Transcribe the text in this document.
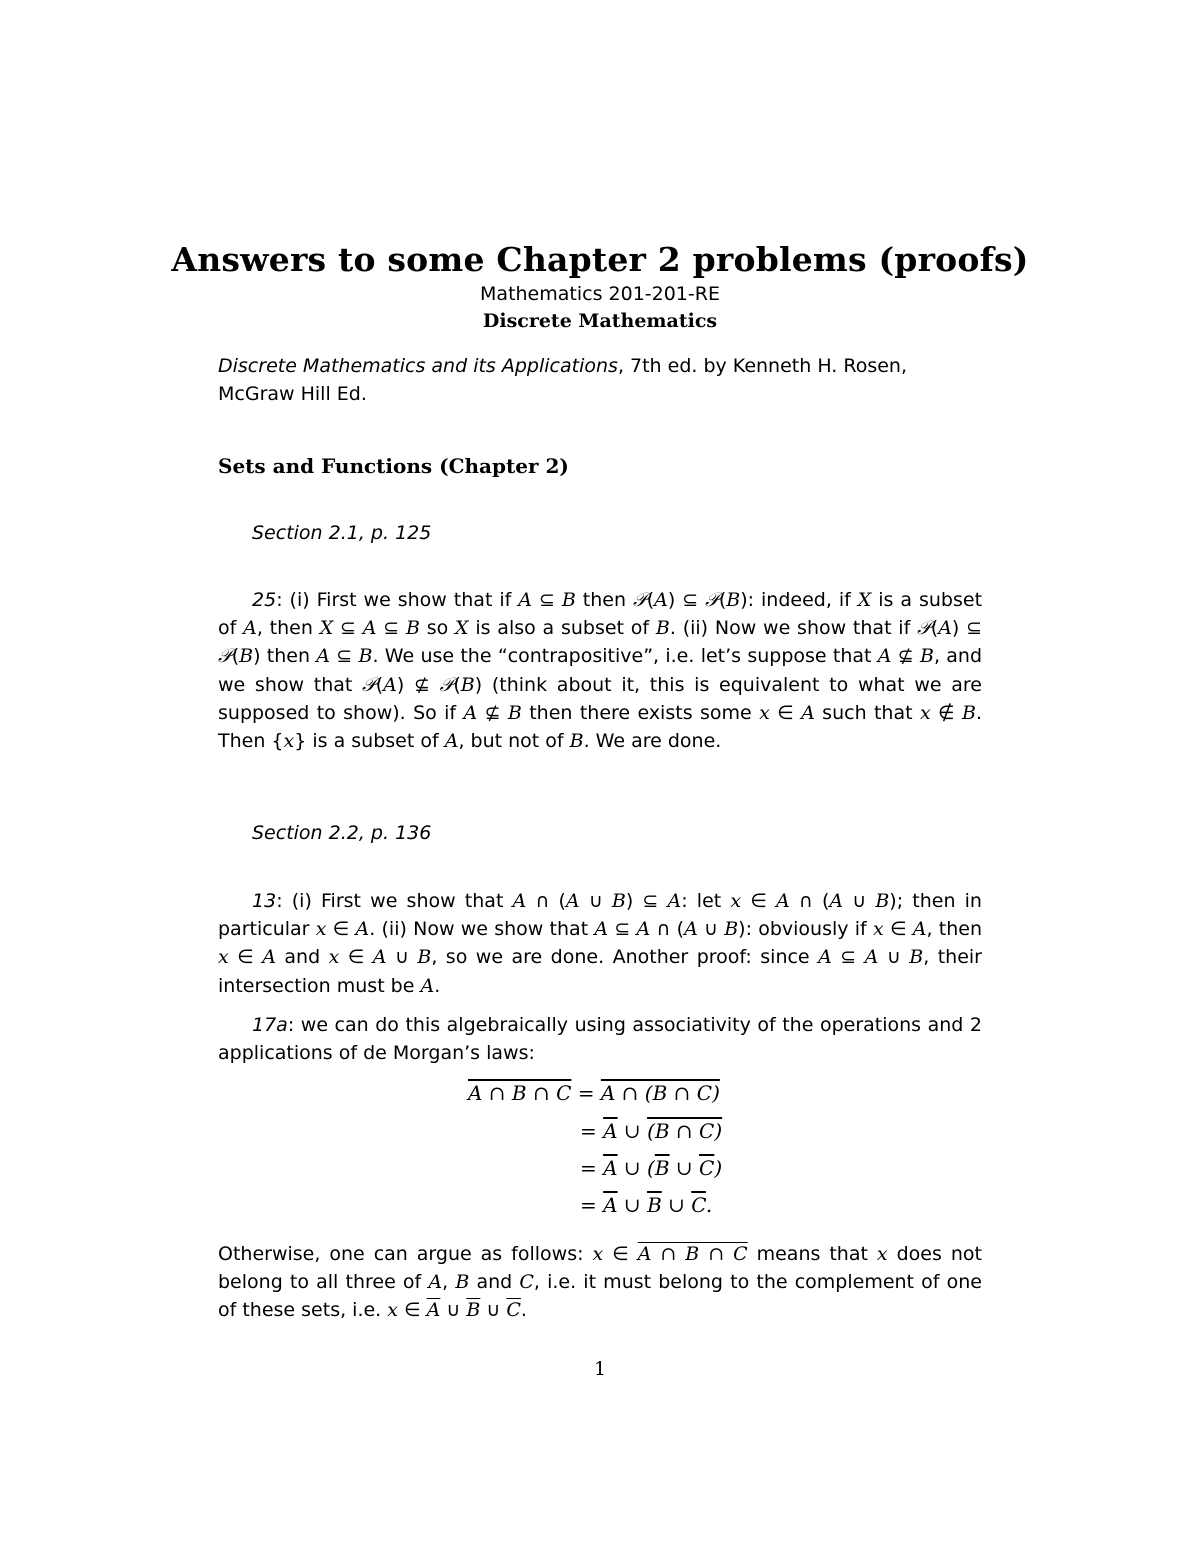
Answers to some Chapter 2 problems (proofs)
Mathematics 201-201-RE
Discrete Mathematics

Discrete Mathematics and its Applications, 7th ed. by Kenneth H. Rosen, McGraw Hill Ed.

Sets and Functions (Chapter 2)
Section 2.1, p. 125

25: (i) First we show that if A ⊆ B then 𝒫(A) ⊆ 𝒫(B): indeed, if X is a subset of A, then X ⊆ A ⊆ B so X is also a subset of B. (ii) Now we show that if 𝒫(A) ⊆ 𝒫(B) then A ⊆ B. We use the “contrapositive”, i.e. let’s suppose that A ⊈ B, and we show that 𝒫(A) ⊈ 𝒫(B) (think about it, this is equivalent to what we are supposed to show). So if A ⊈ B then there exists some x ∈ A such that x ∉ B. Then {x} is a subset of A, but not of B. We are done.

Section 2.2, p. 136

13: (i) First we show that A ∩ (A ∪ B) ⊆ A: let x ∈ A ∩ (A ∪ B); then in particular x ∈ A. (ii) Now we show that A ⊆ A ∩ (A ∪ B): obviously if x ∈ A, then x ∈ A and x ∈ A ∪ B, so we are done. Another proof: since A ⊆ A ∪ B, their intersection must be A.

17a: we can do this algebraically using associativity of the operations and 2 applications of de Morgan’s laws:

A ∩ B ∩ C = A ∩ (B ∩ C)
= $\overline{A}$ ∪ (B ∩ C)
= $\overline{A}$ ∪ ($\overline{B}$ ∪ $\overline{C}$)
= $\overline{A}$ ∪ $\overline{B}$ ∪ $\overline{C}$.

Otherwise, one can argue as follows: x ∈ A ∩ B ∩ C means that x does not belong to all three of A, B and C, i.e. it must belong to the complement of one of these sets, i.e. x ∈ $\overline{A}$ ∪ $\overline{B}$ ∪ $\overline{C}$.

1
